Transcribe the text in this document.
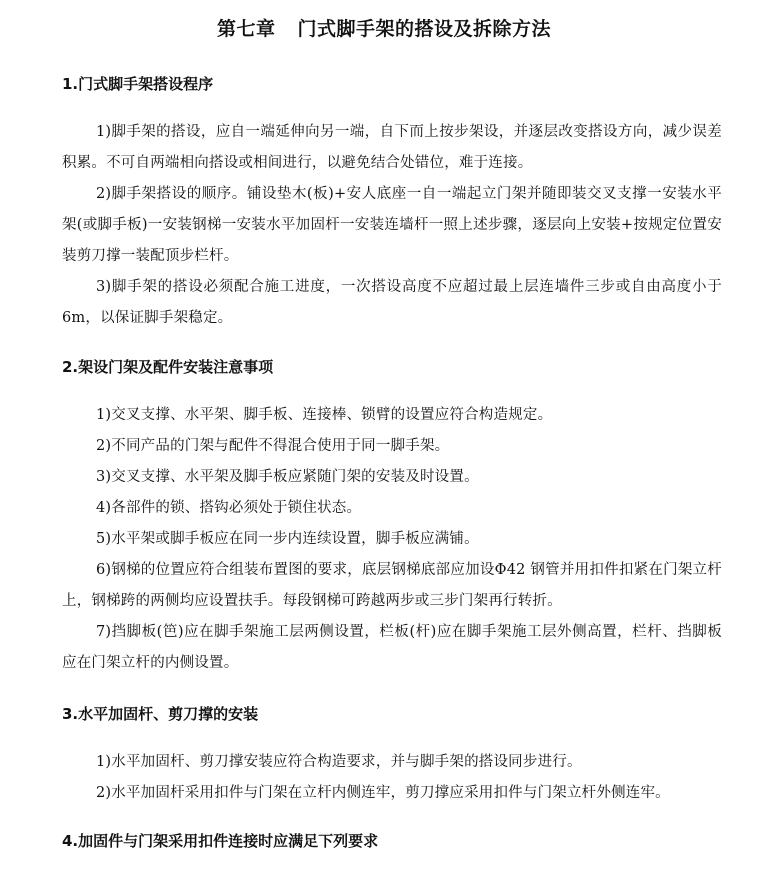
第七章 门式脚手架的搭设及拆除方法

1.门式脚手架搭设程序

1)脚手架的搭设，应自一端延伸向另一端，自下而上按步架设，并逐层改变搭设方向，减少误差积累。不可自两端相向搭设或相间进行，以避免结合处错位，难于连接。

2)脚手架搭设的顺序。铺设垫木(板)+安人底座一自一端起立门架并随即装交叉支撑一安装水平架(或脚手板)一安装钢梯一安装水平加固杆一安装连墙杆一照上述步骤，逐层向上安装+按规定位置安装剪刀撑一装配顶步栏杆。

3)脚手架的搭设必须配合施工进度，一次搭设高度不应超过最上层连墙件三步或自由高度小于 6m，以保证脚手架稳定。

2.架设门架及配件安装注意事项

1)交叉支撑、水平架、脚手板、连接棒、锁臂的设置应符合构造规定。

2)不同产品的门架与配件不得混合使用于同一脚手架。

3)交叉支撑、水平架及脚手板应紧随门架的安装及时设置。

4)各部件的锁、搭钩必须处于锁住状态。

5)水平架或脚手板应在同一步内连续设置，脚手板应满铺。

6)钢梯的位置应符合组装布置图的要求，底层钢梯底部应加设Φ42 钢管并用扣件扣紧在门架立杆上，钢梯跨的两侧均应设置扶手。每段钢梯可跨越两步或三步门架再行转折。

7)挡脚板(笆)应在脚手架施工层两侧设置，栏板(杆)应在脚手架施工层外侧高置，栏杆、挡脚板应在门架立杆的内侧设置。

3.水平加固杆、剪刀撑的安装

1)水平加固杆、剪刀撑安装应符合构造要求，并与脚手架的搭设同步进行。

2)水平加固杆采用扣件与门架在立杆内侧连牢，剪刀撑应采用扣件与门架立杆外侧连牢。

4.加固件与门架采用扣件连接时应满足下列要求
